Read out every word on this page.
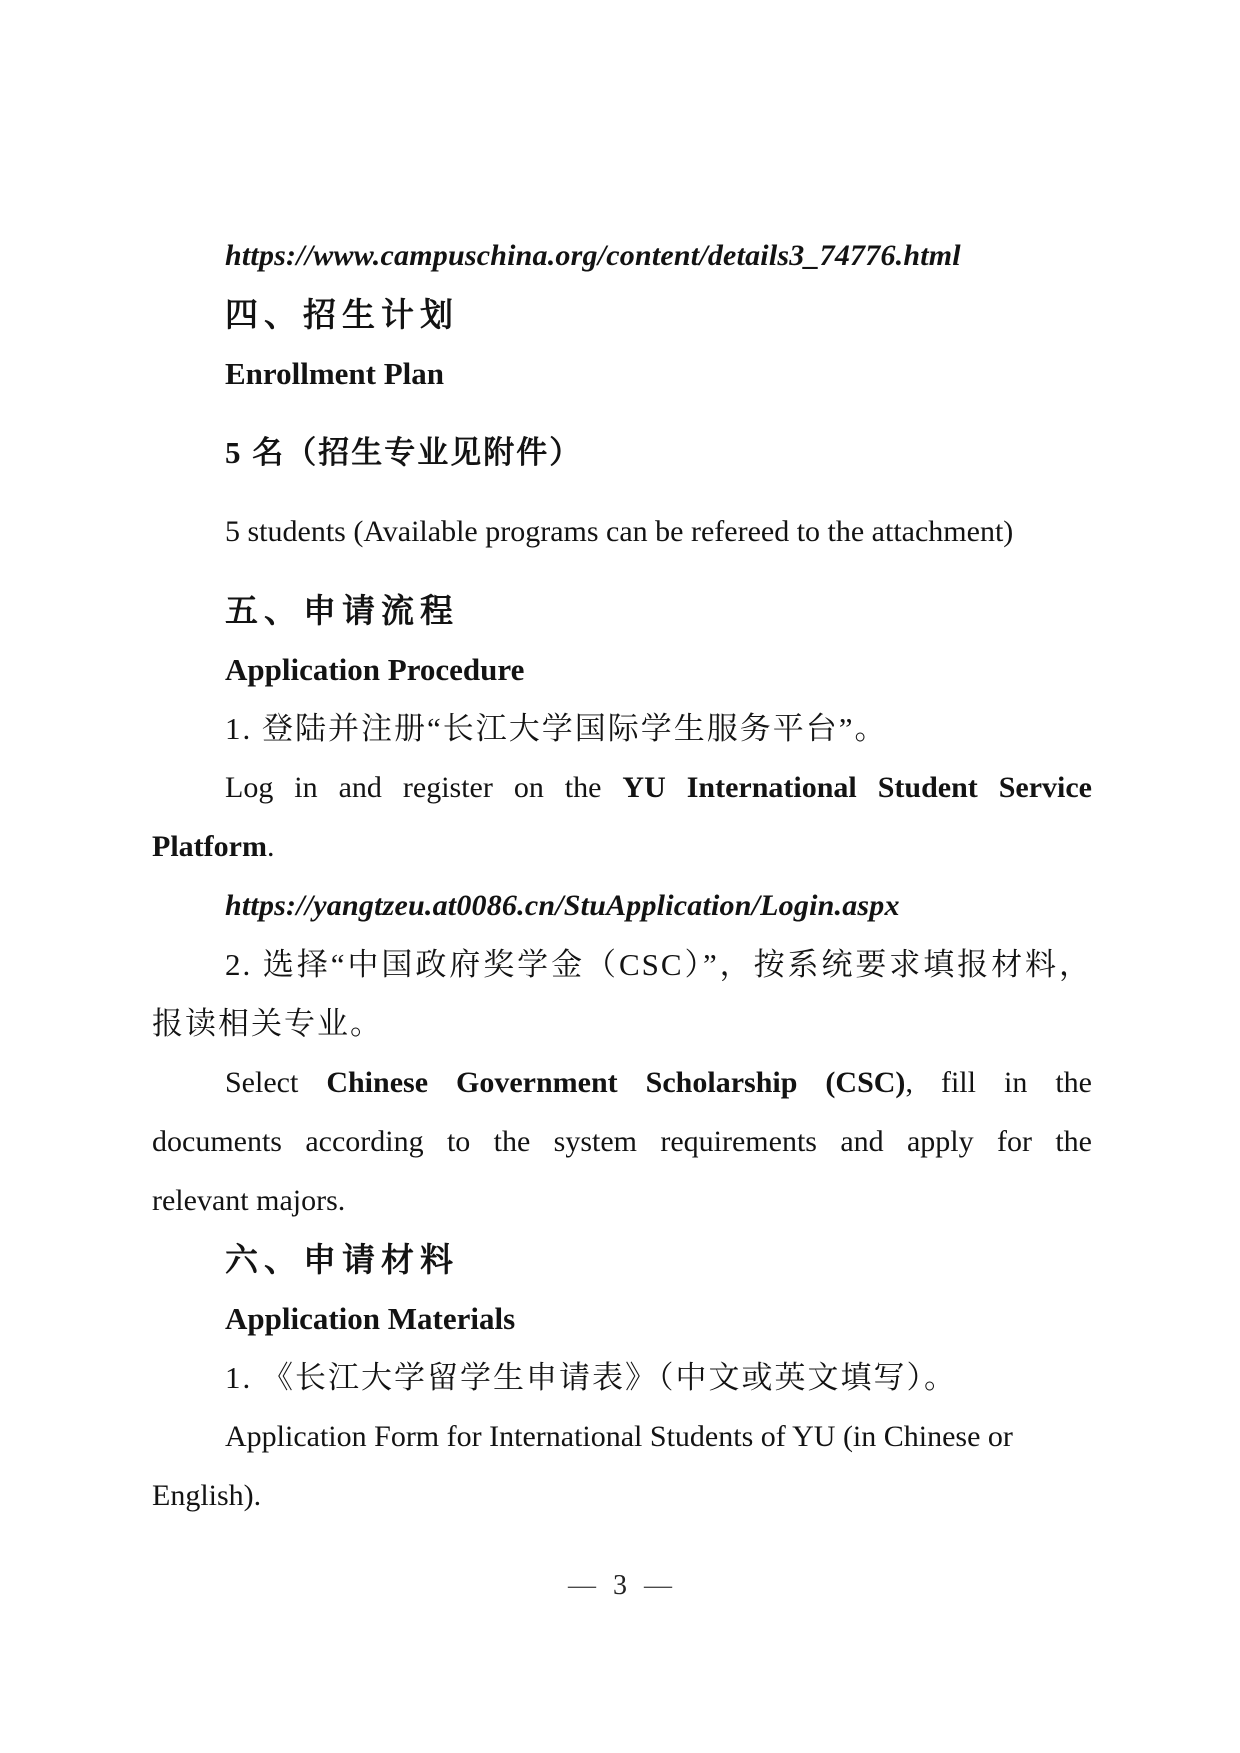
https://www.campuschina.org/content/details3_74776.html

四、招生计划

Enrollment Plan

5 名（招生专业见附件）

5 students (Available programs can be refereed to the attachment)

五、申请流程

Application Procedure

1. 登陆并注册“长江大学国际学生服务平台”。

Log in and register on the YU International Student Service

Platform.

https://yangtzeu.at0086.cn/StuApplication/Login.aspx

2. 选择“中国政府奖学金（CSC）”，按系统要求填报材料，

报读相关专业。

Select Chinese Government Scholarship (CSC), fill in the

documents according to the system requirements and apply for the

relevant majors.

六、申请材料

Application Materials

1. 《长江大学留学生申请表》（中文或英文填写）。

Application Form for International Students of YU (in Chinese or

English).

— 3 —
